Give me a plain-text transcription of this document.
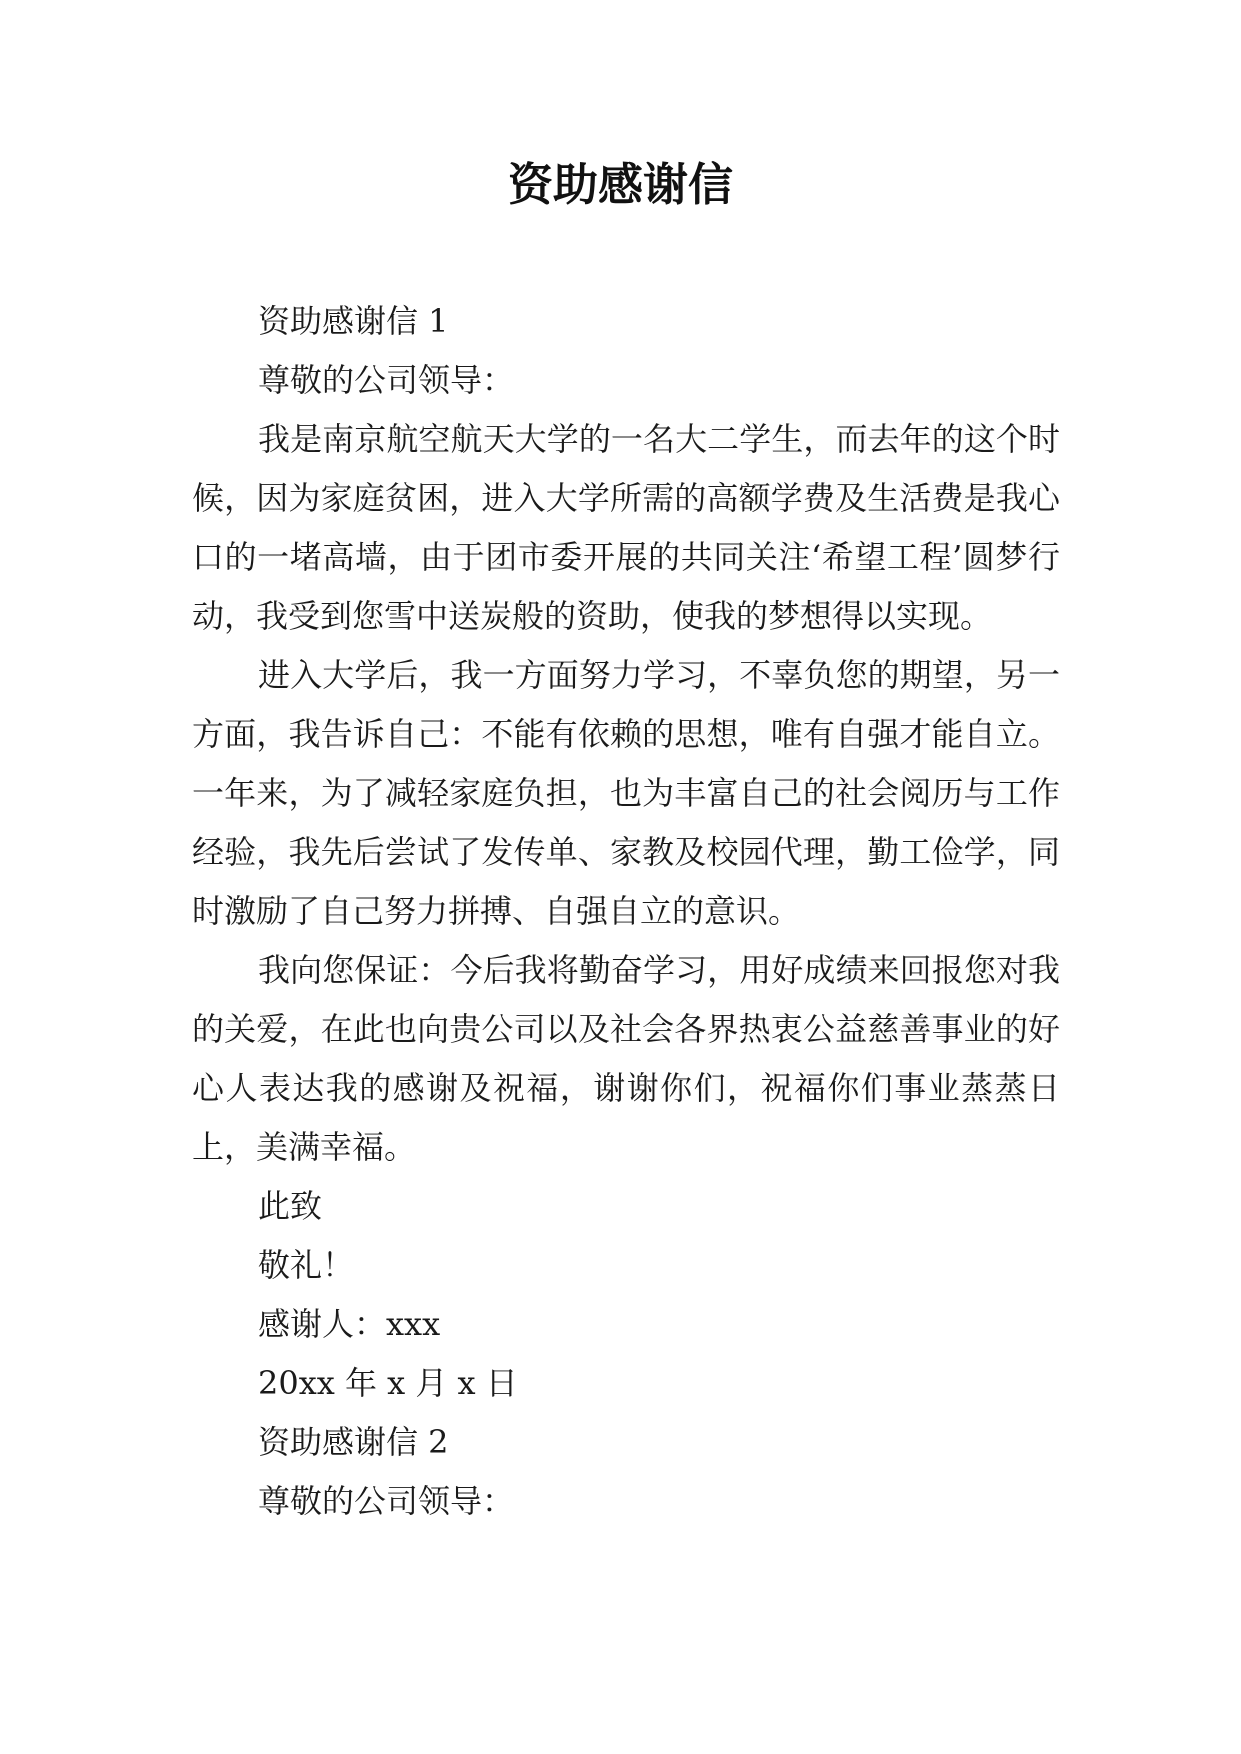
资助感谢信

资助感谢信 1

尊敬的公司领导：

我是南京航空航天大学的一名大二学生，而去年的这个时候，因为家庭贫困，进入大学所需的高额学费及生活费是我心口的一堵高墙，由于团市委开展的共同关注‘希望工程’圆梦行动，我受到您雪中送炭般的资助，使我的梦想得以实现。

进入大学后，我一方面努力学习，不辜负您的期望，另一方面，我告诉自己：不能有依赖的思想，唯有自强才能自立。一年来，为了减轻家庭负担，也为丰富自己的社会阅历与工作经验，我先后尝试了发传单、家教及校园代理，勤工俭学，同时激励了自己努力拼搏、自强自立的意识。

我向您保证：今后我将勤奋学习，用好成绩来回报您对我的关爱，在此也向贵公司以及社会各界热衷公益慈善事业的好心人表达我的感谢及祝福，谢谢你们，祝福你们事业蒸蒸日上，美满幸福。

此致

敬礼！

感谢人：xxx

20xx 年 x 月 x 日

资助感谢信 2

尊敬的公司领导：
